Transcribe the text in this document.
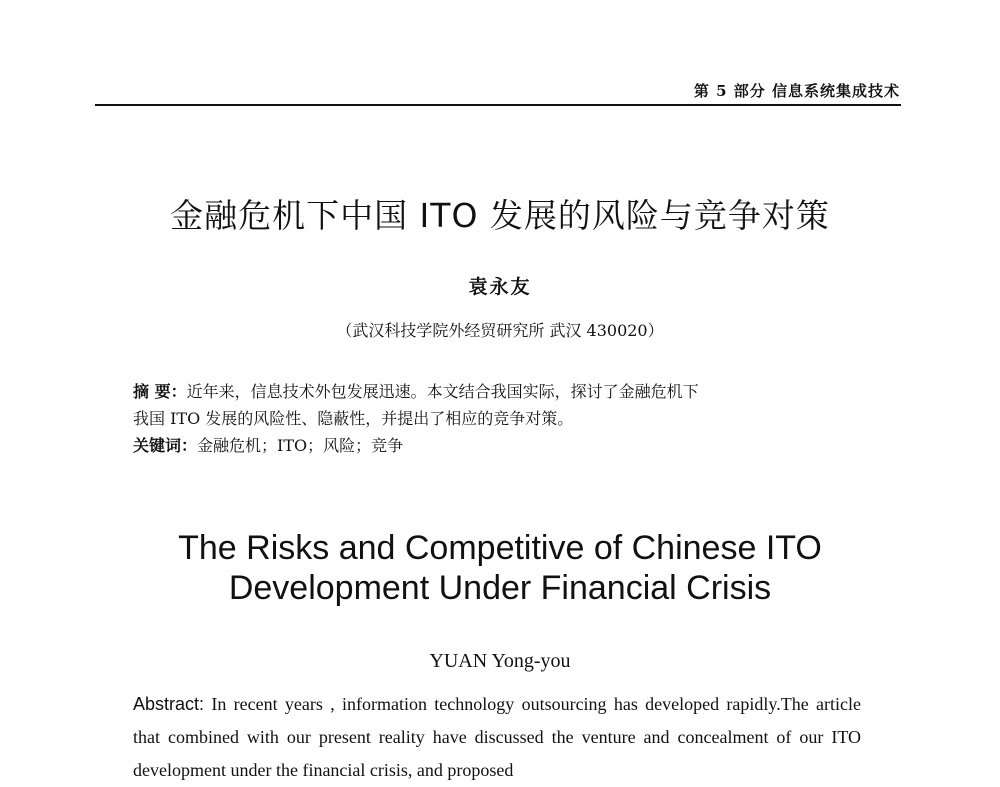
第 5 部分 信息系统集成技术
金融危机下中国 ITO 发展的风险与竞争对策
袁永友
（武汉科技学院外经贸研究所 武汉 430020）
摘 要：近年来，信息技术外包发展迅速。本文结合我国实际，探讨了金融危机下
我国 ITO 发展的风险性、隐蔽性，并提出了相应的竞争对策。
关键词：金融危机；ITO；风险；竞争
The Risks and Competitive of Chinese ITO
Development Under Financial Crisis
YUAN Yong-you
Abstract: In recent years , information technology outsourcing has developed rapidly.The article that combined with our present reality have discussed the venture and concealment of our ITO development under the financial crisis, and proposed
